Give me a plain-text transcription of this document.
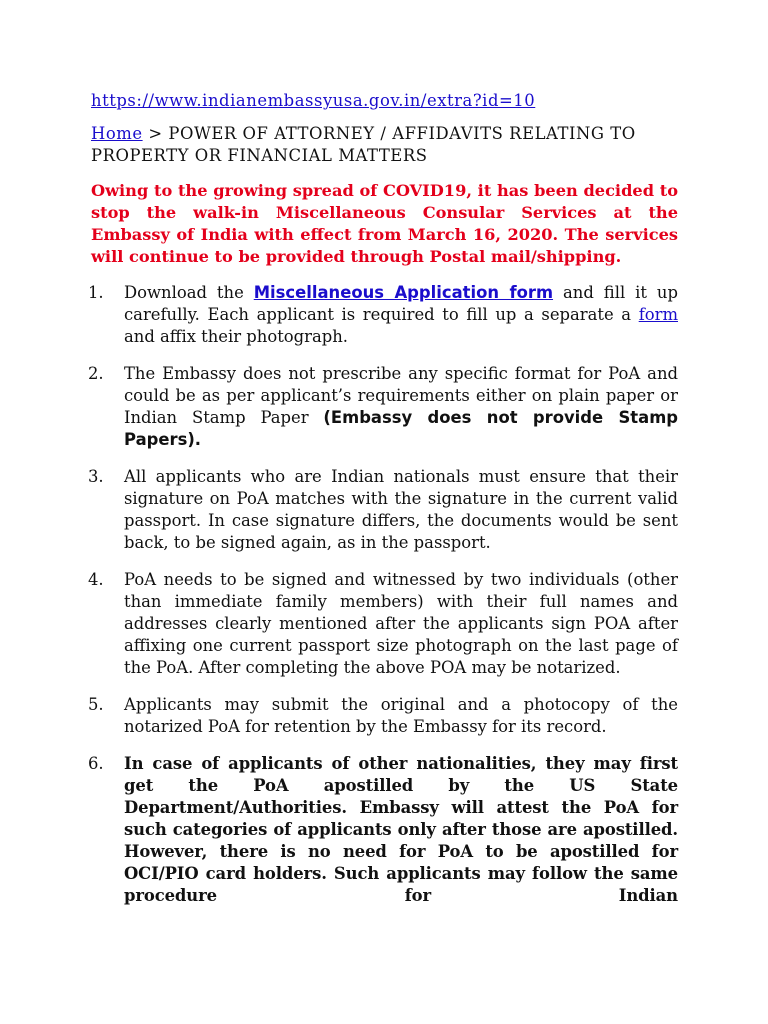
https://www.indianembassyusa.gov.in/extra?id=10

Home > POWER OF ATTORNEY / AFFIDAVITS RELATING TO PROPERTY OR FINANCIAL MATTERS

Owing to the growing spread of COVID19, it has been decided to stop the walk-in Miscellaneous Consular Services at the Embassy of India with effect from March 16, 2020. The services will continue to be provided through Postal mail/shipping.

1. Download the Miscellaneous Application form and fill it up carefully. Each applicant is required to fill up a separate a form and affix their photograph.
2. The Embassy does not prescribe any specific format for PoA and could be as per applicant’s requirements either on plain paper or Indian Stamp Paper (Embassy does not provide Stamp Papers).
3. All applicants who are Indian nationals must ensure that their signature on PoA matches with the signature in the current valid passport. In case signature differs, the documents would be sent back, to be signed again, as in the passport.
4. PoA needs to be signed and witnessed by two individuals (other than immediate family members) with their full names and addresses clearly mentioned after the applicants sign POA after affixing one current passport size photograph on the last page of the PoA. After completing the above POA may be notarized.
5. Applicants may submit the original and a photocopy of the notarized PoA for retention by the Embassy for its record.
6. In case of applicants of other nationalities, they may first get the PoA apostilled by the US State Department/Authorities. Embassy will attest the PoA for such categories of applicants only after those are apostilled. However, there is no need for PoA to be apostilled for OCI/PIO card holders. Such applicants may follow the same procedure for Indian
